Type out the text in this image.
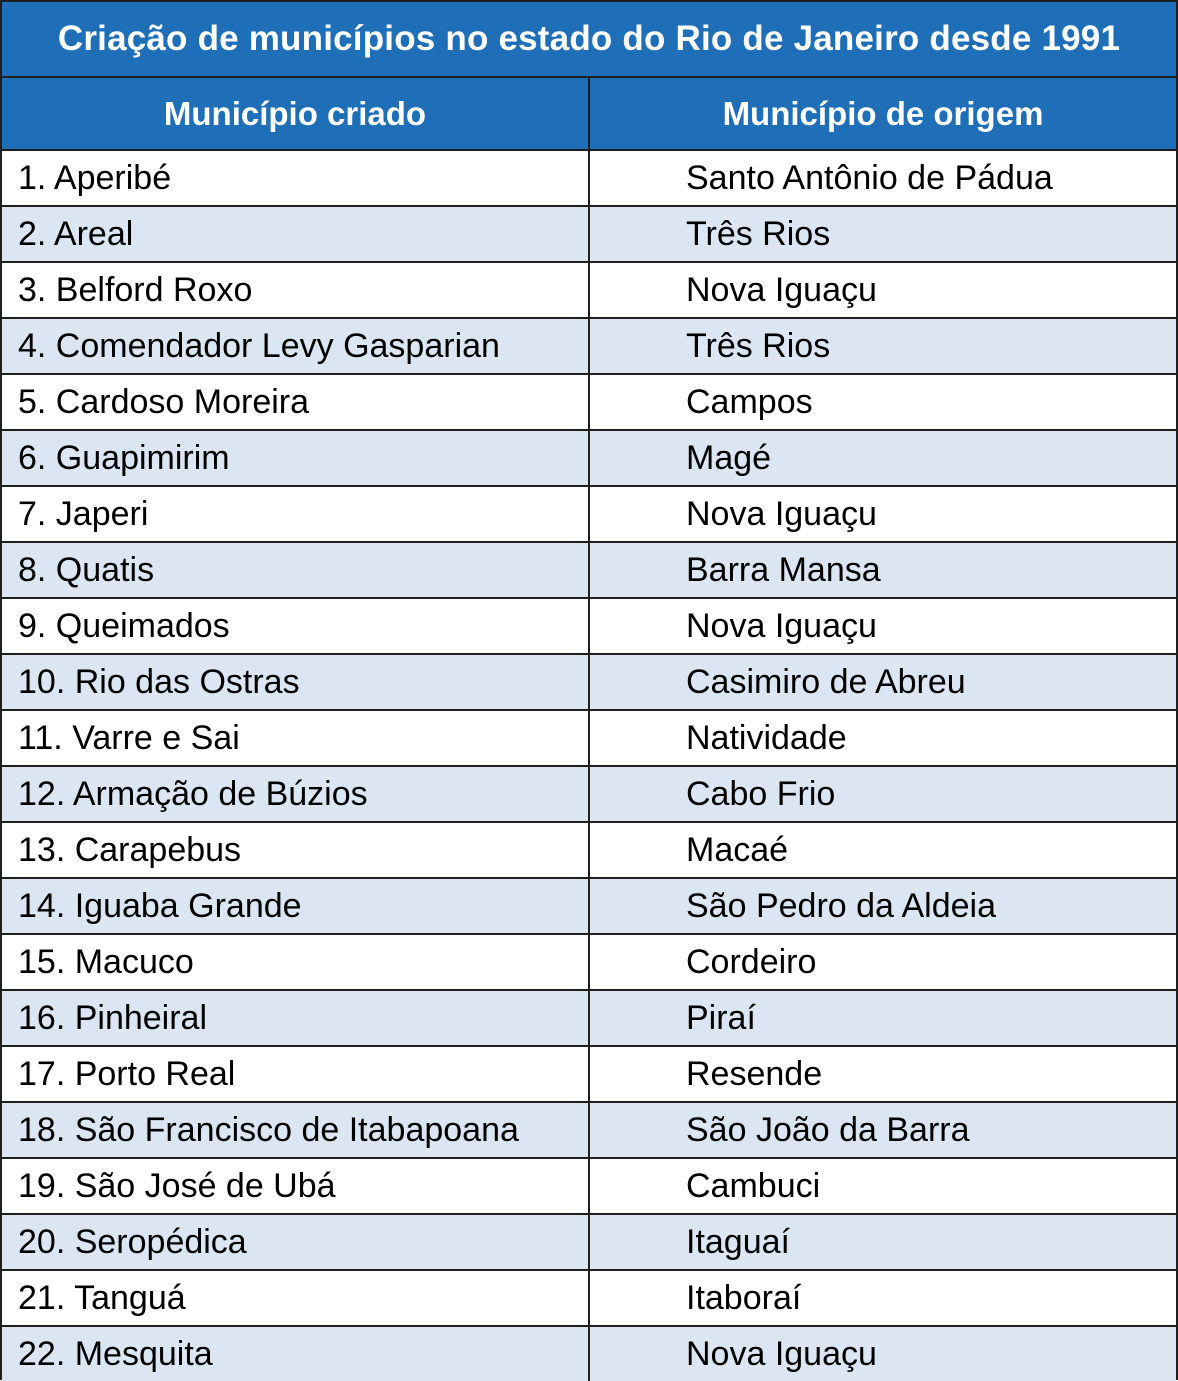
Criação de municípios no estado do Rio de Janeiro desde 1991
Município criado	Município de origem
1. Aperibé	Santo Antônio de Pádua
2. Areal	Três Rios
3. Belford Roxo	Nova Iguaçu
4. Comendador Levy Gasparian	Três Rios
5. Cardoso Moreira	Campos
6. Guapimirim	Magé
7. Japeri	Nova Iguaçu
8. Quatis	Barra Mansa
9. Queimados	Nova Iguaçu
10. Rio das Ostras	Casimiro de Abreu
11. Varre e Sai	Natividade
12. Armação de Búzios	Cabo Frio
13. Carapebus	Macaé
14. Iguaba Grande	São Pedro da Aldeia
15. Macuco	Cordeiro
16. Pinheiral	Piraí
17. Porto Real	Resende
18. São Francisco de Itabapoana	São João da Barra
19. São José de Ubá	Cambuci
20. Seropédica	Itaguaí
21. Tanguá	Itaboraí
22. Mesquita	Nova Iguaçu
